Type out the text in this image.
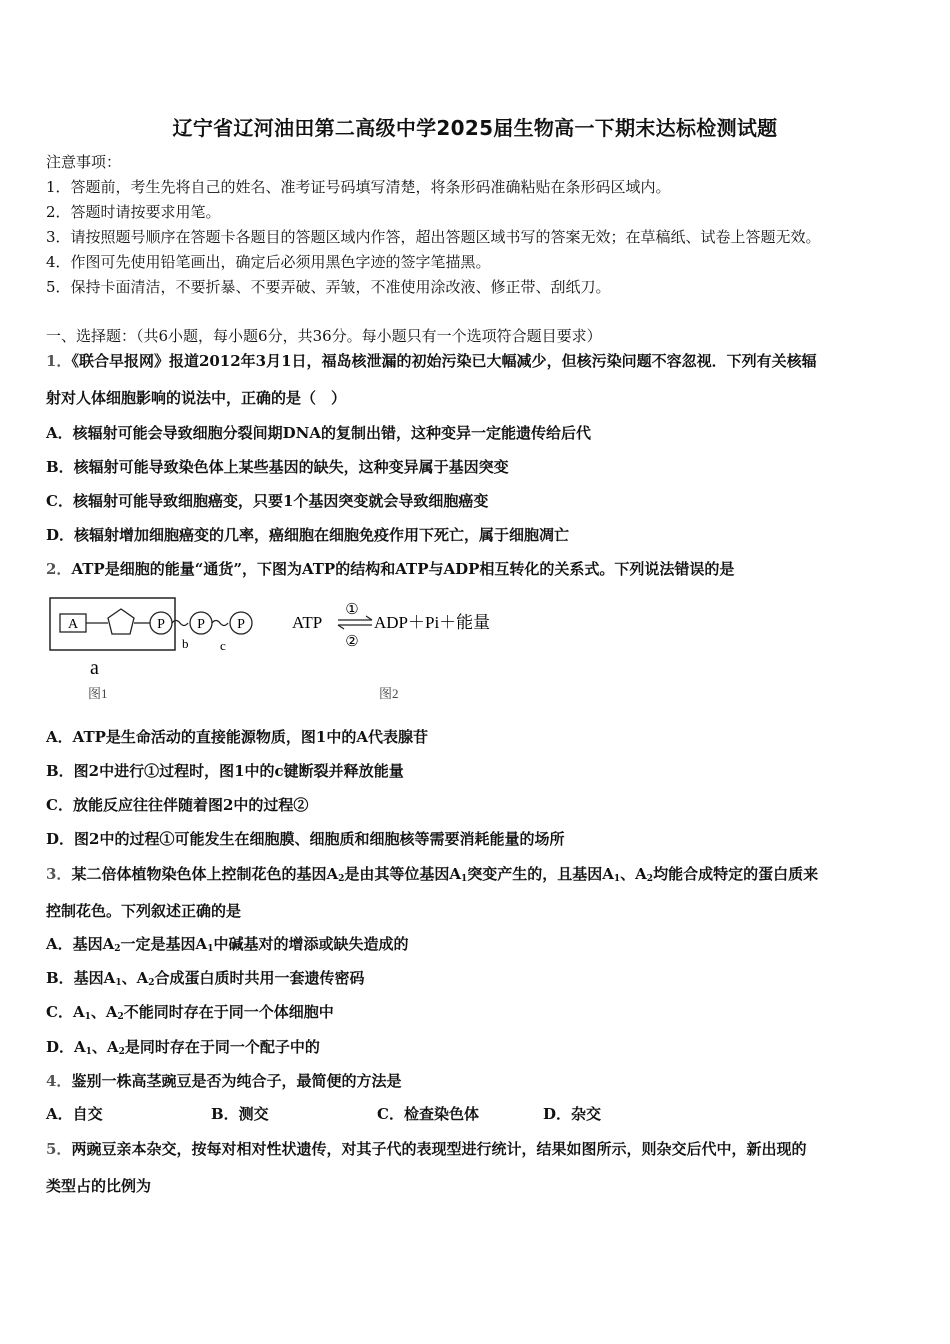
辽宁省辽河油田第二高级中学2025届生物高一下期末达标检测试题
注意事项：
1．答题前，考生先将自己的姓名、准考证号码填写清楚，将条形码准确粘贴在条形码区域内。
2．答题时请按要求用笔。
3．请按照题号顺序在答题卡各题目的答题区域内作答，超出答题区域书写的答案无效；在草稿纸、试卷上答题无效。
4．作图可先使用铅笔画出，确定后必须用黑色字迹的签字笔描黑。
5．保持卡面清洁，不要折暴、不要弄破、弄皱，不准使用涂改液、修正带、刮纸刀。
一、选择题：（共6小题，每小题6分，共36分。每小题只有一个选项符合题目要求）
1．《联合早报网》报道2012年3月1日，福岛核泄漏的初始污染已大幅减少，但核污染问题不容忽视．下列有关核辐
射对人体细胞影响的说法中，正确的是（　）
A．核辐射可能会导致细胞分裂间期DNA的复制出错，这种变异一定能遗传给后代
B．核辐射可能导致染色体上某些基因的缺失，这种变异属于基因突变
C．核辐射可能导致细胞癌变，只要1个基因突变就会导致细胞癌变
D．核辐射增加细胞癌变的几率，癌细胞在细胞免疫作用下死亡，属于细胞凋亡
2．ATP是细胞的能量“通货”，下图为ATP的结构和ATP与ADP相互转化的关系式。下列说法错误的是
A	P P P
b c
a
图1
ATP
①
②
ADP＋Pi＋能量
图2
A．ATP是生命活动的直接能源物质，图1中的A代表腺苷
B．图2中进行①过程时，图1中的c键断裂并释放能量
C．放能反应往往伴随着图2中的过程②
D．图2中的过程①可能发生在细胞膜、细胞质和细胞核等需要消耗能量的场所
3．某二倍体植物染色体上控制花色的基因$A_2$是由其等位基因$A_1$突变产生的，且基因$A_1$、$A_2$均能合成特定的蛋白质来
控制花色。下列叙述正确的是
A．基因$A_2$一定是基因$A_1$中碱基对的增添或缺失造成的
B．基因$A_1$、$A_2$合成蛋白质时共用一套遗传密码
C．$A_1$、$A_2$不能同时存在于同一个体细胞中
D．$A_1$、$A_2$是同时存在于同一个配子中的
4．鉴别一株高茎豌豆是否为纯合子，最简便的方法是
A．自交	B．测交	C．检查染色体	D．杂交
5．两豌豆亲本杂交，按每对相对性状遗传，对其子代的表现型进行统计，结果如图所示，则杂交后代中，新出现的
类型占的比例为
